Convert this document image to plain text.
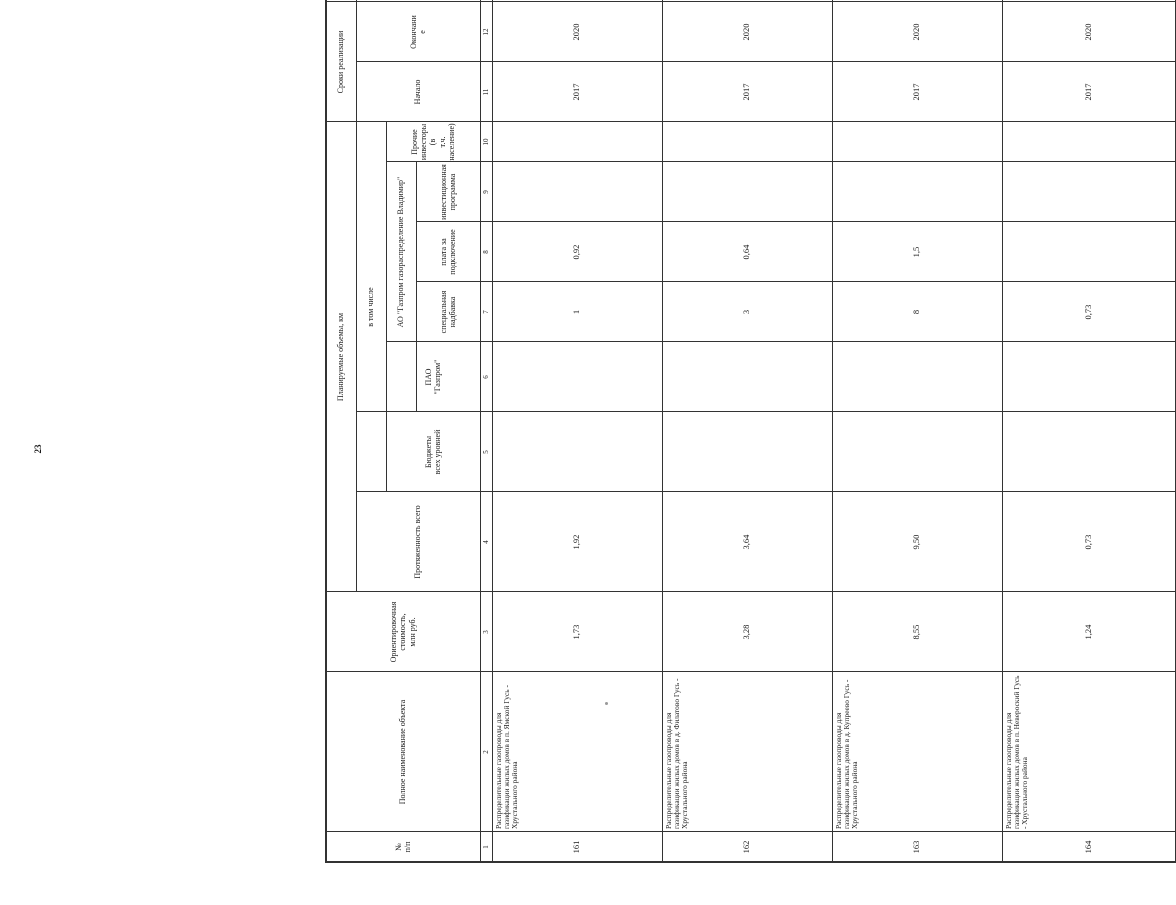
23
№
п/п
Полное наименование объекта
Ориентировочная стоимость,
млн руб.
Планируемые объемы, км
Протяженность всего
в том числе
Бюджеты
всех уровней
ПАО
"Газпром"
АО "Газпром газораспределение Владимир"	специальная
надбавка
плата за
подключение
инвестиционная
программа
Прочие
инвесторы (в
т.ч.
население)
Сроки реализации	Начало
Окончани
е
1
2
3
4
5
6
7
8
9
10
11
12
161
Распределительные газопроводы для газификации жилых домов в п. Ямской Гусь - Хрустального района
1,73
1,92
1
0,92
2017
2020
162
Распределительные газопроводы для газификации жилых домов в д. Филатово Гусь - Хрустального района
3,28
3,64
3
0,64
2017
2020
163
Распределительные газопроводы для газификации жилых домов в д. Купреево Гусь - Хрустального района
8,55
9,50
8
1,5
2017
2020
164
Распределительные газопроводы для газификации жилых домов в п. Невероский Гусь - Хрустального района
1,24
0,73
0,73
2017
2020
